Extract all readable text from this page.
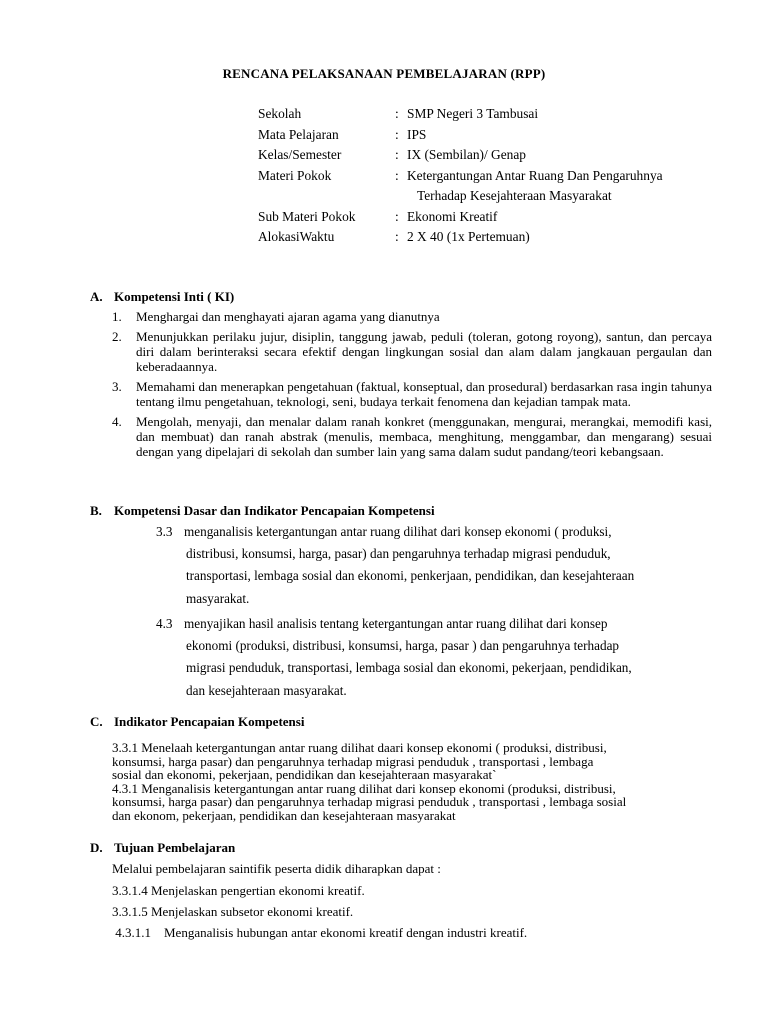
RENCANA PELAKSANAAN PEMBELAJARAN (RPP)
Sekolah	: SMP Negeri 3 Tambusai
Mata Pelajaran	: IPS
Kelas/Semester	: IX (Sembilan)/ Genap
Materi Pokok	: Ketergantungan Antar Ruang Dan Pengaruhnya
Terhadap Kesejahteraan Masyarakat
Sub Materi Pokok	: Ekonomi Kreatif
AlokasiWaktu	: 2 X 40 (1x Pertemuan)
A. Kompetensi Inti ( KI)
1. Menghargai dan menghayati ajaran agama yang dianutnya
2. Menunjukkan perilaku jujur, disiplin, tanggung jawab, peduli (toleran, gotong royong), santun, dan percaya diri dalam berinteraksi secara efektif dengan lingkungan sosial dan alam dalam jangkauan pergaulan dan keberadaannya.
3. Memahami dan menerapkan pengetahuan (faktual, konseptual, dan prosedural) berdasarkan rasa ingin tahunya tentang ilmu pengetahuan, teknologi, seni, budaya terkait fenomena dan kejadian tampak mata.
4. Mengolah, menyaji, dan menalar dalam ranah konkret (menggunakan, mengurai, merangkai, memodifi kasi, dan membuat) dan ranah abstrak (menulis, membaca, menghitung, menggambar, dan mengarang) sesuai dengan yang dipelajari di sekolah dan sumber lain yang sama dalam sudut pandang/teori kebangsaan.
B. Kompetensi Dasar dan Indikator Pencapaian Kompetensi
3.3 menganalisis ketergantungan antar ruang dilihat dari konsep ekonomi ( produksi,
distribusi, konsumsi, harga, pasar) dan pengaruhnya terhadap migrasi penduduk,
transportasi, lembaga sosial dan ekonomi, penkerjaan, pendidikan, dan kesejahteraan
masyarakat.
4.3 menyajikan hasil analisis tentang ketergantungan antar ruang dilihat dari konsep
ekonomi (produksi, distribusi, konsumsi, harga, pasar ) dan pengaruhnya terhadap
migrasi penduduk, transportasi, lembaga sosial dan ekonomi, pekerjaan, pendidikan,
dan kesejahteraan masyarakat.
C. Indikator Pencapaian Kompetensi
3.3.1 Menelaah ketergantungan antar ruang dilihat daari konsep ekonomi ( produksi, distribusi,
konsumsi, harga pasar) dan pengaruhnya terhadap migrasi penduduk , transportasi , lembaga
sosial dan ekonomi, pekerjaan, pendidikan dan kesejahteraan masyarakat`
4.3.1 Menganalisis ketergantungan antar ruang dilihat dari konsep ekonomi (produksi, distribusi,
konsumsi, harga pasar) dan pengaruhnya terhadap migrasi penduduk , transportasi , lembaga sosial
dan ekonom, pekerjaan, pendidikan dan kesejahteraan masyarakat
D. Tujuan Pembelajaran
Melalui pembelajaran saintifik peserta didik diharapkan dapat :
3.3.1.4 Menjelaskan pengertian ekonomi kreatif.
3.3.1.5 Menjelaskan subsetor ekonomi kreatif.
4.3.1.1    Menganalisis hubungan antar ekonomi kreatif dengan industri kreatif.
